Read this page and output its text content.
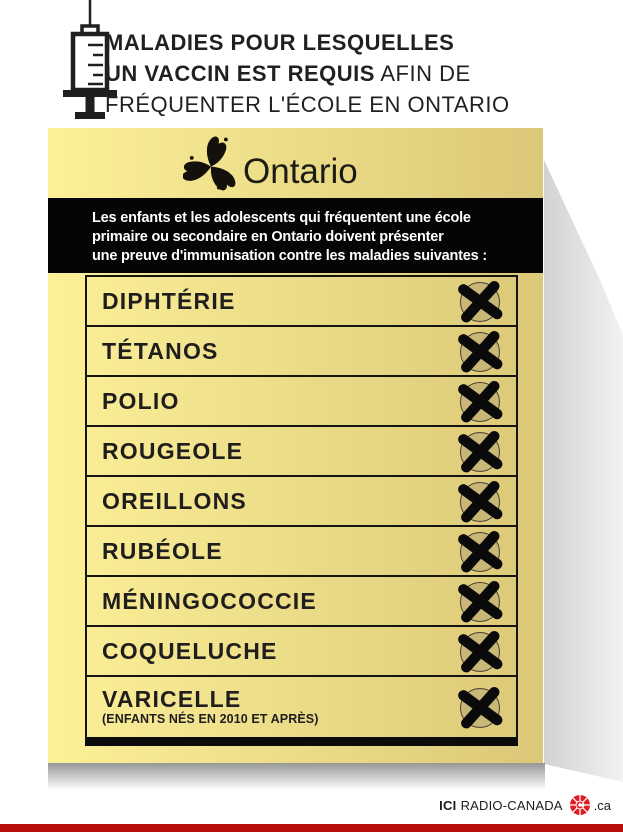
MALADIES POUR LESQUELLES
UN VACCIN EST REQUIS AFIN DE
FRÉQUENTER L'ÉCOLE EN ONTARIO
Ontario
Les enfants et les adolescents qui fréquentent une école
primaire ou secondaire en Ontario doivent présenter
une preuve d'immunisation contre les maladies suivantes :
DIPHTÉRIE
TÉTANOS
POLIO
ROUGEOLE
OREILLONS
RUBÉOLE
MÉNINGOCOCCIE
COQUELUCHE
VARICELLE
(ENFANTS NÉS EN 2010 ET APRÈS)
ICI RADIO-CANADA .ca
